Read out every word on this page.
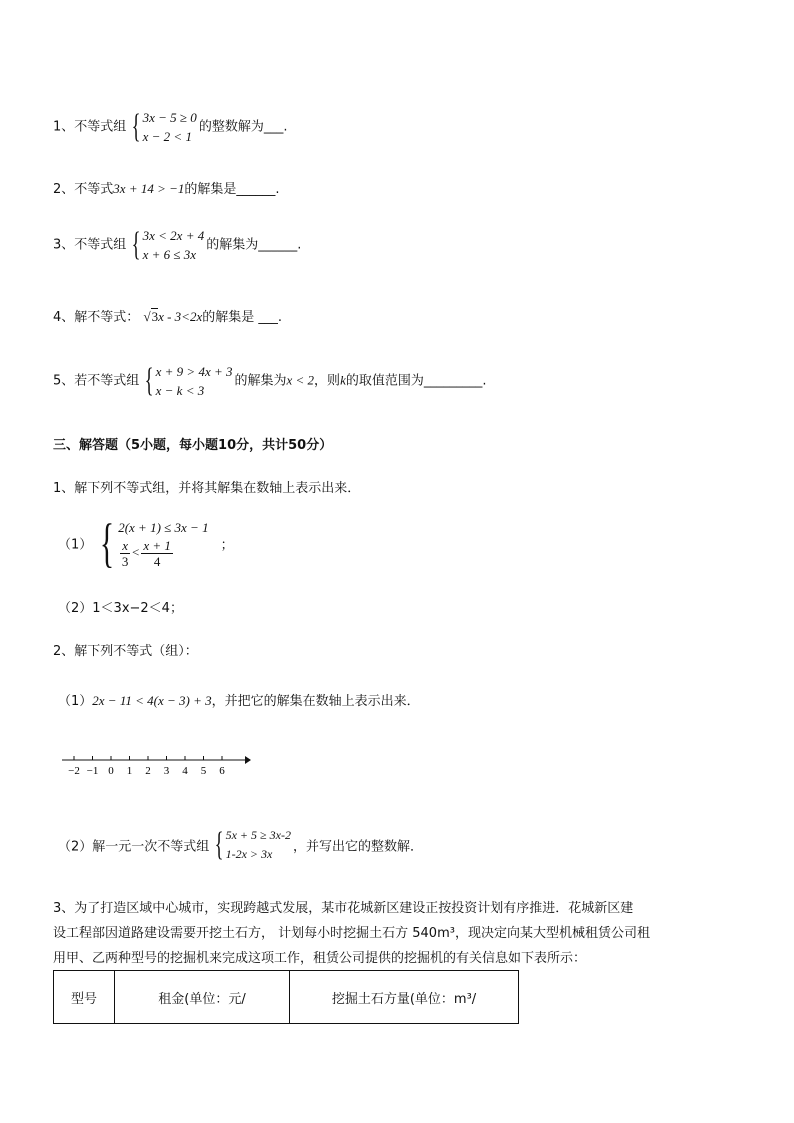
1、不等式组 { 3x − 5 ≥ 0
x − 2 < 1
的整数解为___.
2、不等式3x + 14 > −1的解集是______.
3、不等式组 { 3x < 2x + 4
x + 6 ≤ 3x
的解集为______.
4、解不等式： √3x - 3<2x的解集是 ___.
5、若不等式组 { x + 9 > 4x + 3
x − k < 3
的解集为x < 2，则k的取值范围为_________.
三、解答题（5小题，每小题10分，共计50分）
1、解下列不等式组，并将其解集在数轴上表示出来．
（1） { 2(x + 1) ≤ 3x − 1
$\frac{x}{3} < \frac{x + 1}{4}$	；
（2）1＜3x−2＜4；
2、解下列不等式（组）：
（1）2x − 11 < 4(x − 3) + 3，并把它的解集在数轴上表示出来．
−2 −1 0 1 2 3 4 5 6
（2）解一元一次不等式组 { 5x + 5 ≥ 3x-2
1-2x > 3x	，并写出它的整数解．
3、为了打造区域中心城市，实现跨越式发展，某市花城新区建设正按投资计划有序推进．花城新区建
设工程部因道路建设需要开挖土石方， 计划每小时挖掘土石方 540m³，现决定向某大型机械租赁公司租
用甲、乙两种型号的挖掘机来完成这项工作，租赁公司提供的挖掘机的有关信息如下表所示：
型号	租金(单位：元/	挖掘土石方量(单位：m³/
